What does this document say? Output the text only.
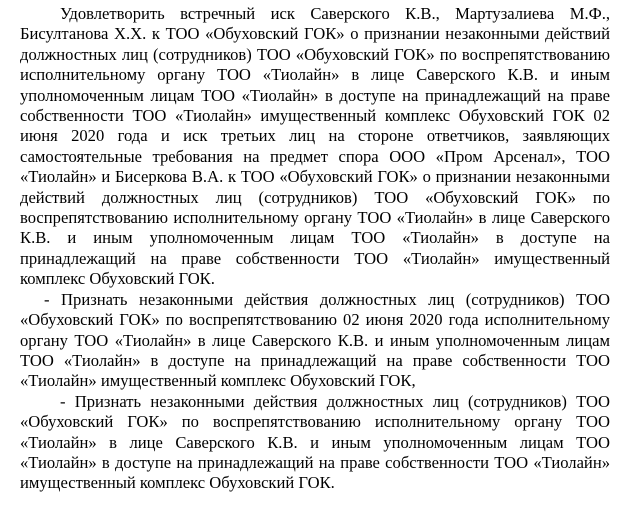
Удовлетворить встречный иск Саверского К.В., Мартузалиева М.Ф., Бисултанова Х.Х. к ТОО «Обуховский ГОК» о признании незаконными действий должностных лиц (сотрудников) ТОО «Обуховский ГОК» по воспрепятствованию исполнительному органу ТОО «Тиолайн» в лице Саверского К.В. и иным уполномоченным лицам ТОО «Тиолайн» в доступе на принадлежащий на праве собственности ТОО «Тиолайн» имущественный комплекс Обуховский ГОК 02 июня 2020 года и иск третьих лиц на стороне ответчиков, заявляющих самостоятельные требования на предмет спора ООО «Пром Арсенал», ТОО «Тиолайн» и Бисеркова В.А. к ТОО «Обуховский ГОК» о признании незаконными действий должностных лиц (сотрудников) ТОО «Обуховский ГОК» по воспрепятствованию исполнительному органу ТОО «Тиолайн» в лице Саверского К.В. и иным уполномоченным лицам ТОО «Тиолайн» в доступе на принадлежащий на праве собственности ТОО «Тиолайн» имущественный комплекс Обуховский ГОК.

- Признать незаконными действия должностных лиц (сотрудников) ТОО «Обуховский ГОК» по воспрепятствованию 02 июня 2020 года исполнительному органу ТОО «Тиолайн» в лице Саверского К.В. и иным уполномоченным лицам ТОО «Тиолайн» в доступе на принадлежащий на праве собственности ТОО «Тиолайн» имущественный комплекс Обуховский ГОК,

- Признать незаконными действия должностных лиц (сотрудников) ТОО «Обуховский ГОК» по воспрепятствованию исполнительному органу ТОО «Тиолайн» в лице Саверского К.В. и иным уполномоченным лицам ТОО «Тиолайн» в доступе на принадлежащий на праве собственности ТОО «Тиолайн» имущественный комплекс Обуховский ГОК.
